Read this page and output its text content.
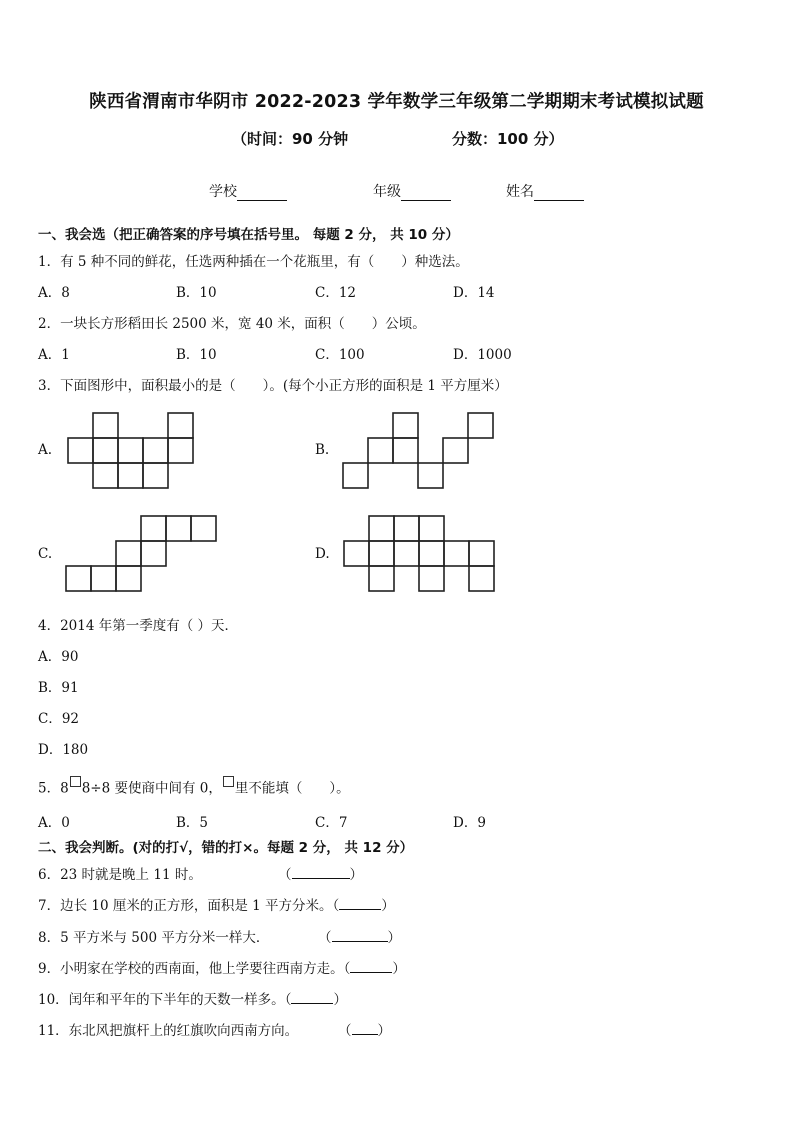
陕西省渭南市华阴市 2022-2023 学年数学三年级第二学期期末考试模拟试题
（时间：90 分钟	分数：100 分）
学校	年级	姓名
一、我会选（把正确答案的序号填在括号里。 每题 2 分， 共 10 分）
1．有 5 种不同的鲜花，任选两种插在一个花瓶里，有（　　）种选法。
A．8	B．10	C．12	D．14
2．一块长方形稻田长 2500 米，宽 40 米，面积（　　）公顷。
A．1	B．10	C．100	D．1000
3．下面图形中，面积最小的是（　　）。(每个小正方形的面积是 1 平方厘米）
A.	B.
C.	D.
4．2014 年第一季度有（ ）天．
A．90
B．91
C．92
D．180
5．8 8÷8 要使商中间有 0， 里不能填（　　）。
A．0	B．5	C．7	D．9
二、我会判断。(对的打√，错的打×。每题 2 分， 共 12 分）
6．23 时就是晚上 11 时。	（	）
7．边长 10 厘米的正方形，面积是 1 平方分米。（	）
8．5 平方米与 500 平方分米一样大．	（	）
9．小明家在学校的西南面，他上学要往西南方走。（	）
10．闰年和平年的下半年的天数一样多。（	）
11．东北风把旗杆上的红旗吹向西南方向。	（ ）
